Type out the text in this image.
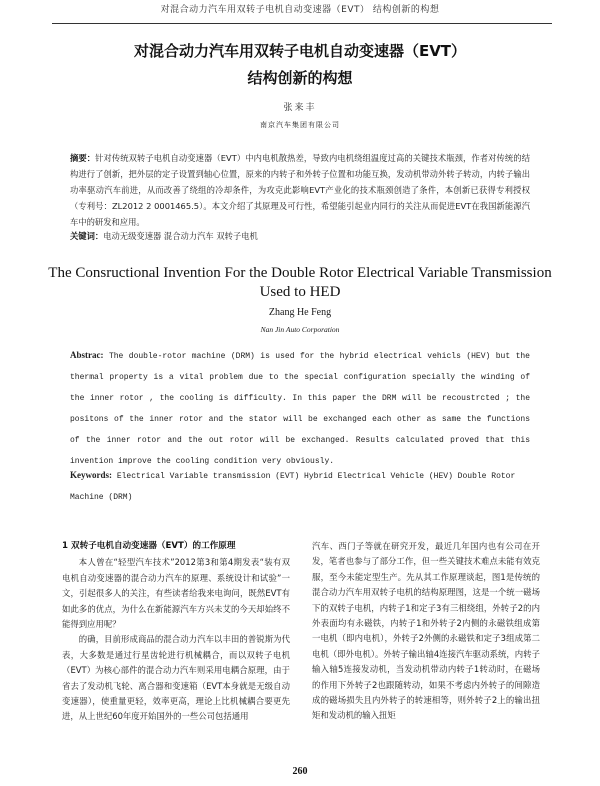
对混合动力汽车用双转子电机自动变速器（EVT） 结构创新的构想
对混合动力汽车用双转子电机自动变速器（EVT）
结构创新的构想
张来丰
南京汽车集团有限公司
摘要：针对传统双转子电机自动变速器（EVT）中内电机散热差，导致内电机绕组温度过高的关键技术瓶颈，作者对传统的结构进行了创新，把外层的定子设置到轴心位置，原来的内转子和外转子位置和功能互换，发动机带动外转子转动，内转子输出功率驱动汽车前进，从而改善了绕组的冷却条件，为攻克此影响EVT产业化的技术瓶颈创造了条件，本创新已获得专利授权（专利号：ZL2012 2 0001465.5）。本文介绍了其原理及可行性，希望能引起业内同行的关注从而促进EVT在我国新能源汽车中的研发和应用。
关键词：电动无级变速器 混合动力汽车 双转子电机
The Consructional Invention For the Double Rotor Electrical Variable Transmission Used to HED
Zhang He Feng
Nan Jin Auto Corporation
Abstrac: The double-rotor machine (DRM) is used for the hybrid electrical vehicls (HEV) but the thermal property is a vital problem due to the special configuration specially the winding of the inner rotor , the cooling is difficulty. In this paper the DRM will be recoustrcted ; the positons of the inner rotor and the stator will be exchanged each other as same the functions of the inner rotor and the out rotor will be exchanged. Results calculated proved that this invention improve the cooling condition very obviously.
Keywords: Electrical Variable transmission (EVT) Hybrid Electrical Vehicle (HEV) Double Rotor Machine (DRM)
1 双转子电机自动变速器（EVT）的工作原理

本人曾在“轻型汽车技术”2012第3和第4期发表“装有双电机自动变速器的混合动力汽车的原理、系统设计和试验”一文，引起很多人的关注，有些读者给我来电询问，既然EVT有如此多的优点，为什么在新能源汽车方兴未艾的今天却始终不能得到应用呢？

的确，目前形成商品的混合动力汽车以丰田的普锐斯为代表，大多数是通过行星齿轮进行机械耦合，而以双转子电机（EVT）为核心部件的混合动力汽车则采用电耦合原理，由于省去了发动机飞轮、离合器和变速箱（EVT本身就是无级自动变速器），使重量更轻，效率更高，理论上比机械耦合要更先进，从上世纪60年度开始国外的一些公司包括通用

汽车、西门子等就在研究开发，最近几年国内也有公司在开发，笔者也参与了部分工作，但一些关键技术难点未能有效克服，至今未能定型生产。先从其工作原理谈起，图1是传统的混合动力汽车用双转子电机的结构原理图，这是一个统一磁场下的双转子电机，内转子1和定子3有三相绕组，外转子2的内外表面均有永磁铁，内转子1和外转子2内侧的永磁铁组成第一电机（即内电机），外转子2外侧的永磁铁和定子3组成第二电机（即外电机）。外转子输出轴4连接汽车驱动系统，内转子输入轴5连接发动机，当发动机带动内转子1转动时，在磁场的作用下外转子2也跟随转动，如果不考虑内外转子的间隙造成的磁场损失且内外转子的转速相等，则外转子2上的输出扭矩和发动机的输入扭矩

260
